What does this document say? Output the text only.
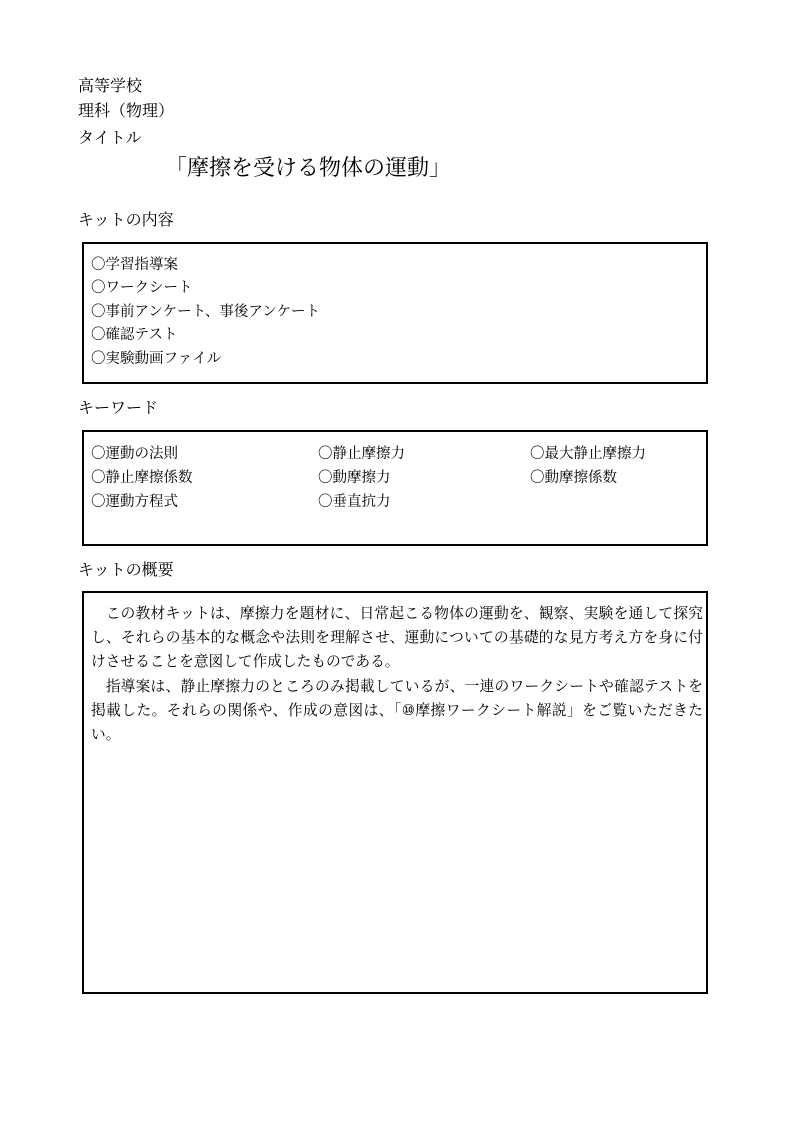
高等学校
理科（物理）
タイトル
「摩擦を受ける物体の運動」
キットの内容
〇学習指導案
〇ワークシート
〇事前アンケート、事後アンケート
〇確認テスト
〇実験動画ファイル
キーワード
〇運動の法則	〇静止摩擦力	〇最大静止摩擦力
〇静止摩擦係数	〇動摩擦力	〇動摩擦係数
〇運動方程式	〇垂直抗力
キットの概要

この教材キットは、摩擦力を題材に、日常起こる物体の運動を、観察、実験を通して探究し、それらの基本的な概念や法則を理解させ、運動についての基礎的な見方考え方を身に付けさせることを意図して作成したものである。

指導案は、静止摩擦力のところのみ掲載しているが、一連のワークシートや確認テストを掲載した。それらの関係や、作成の意図は、「⑩摩擦ワークシート解説」をご覧いただきたい。
